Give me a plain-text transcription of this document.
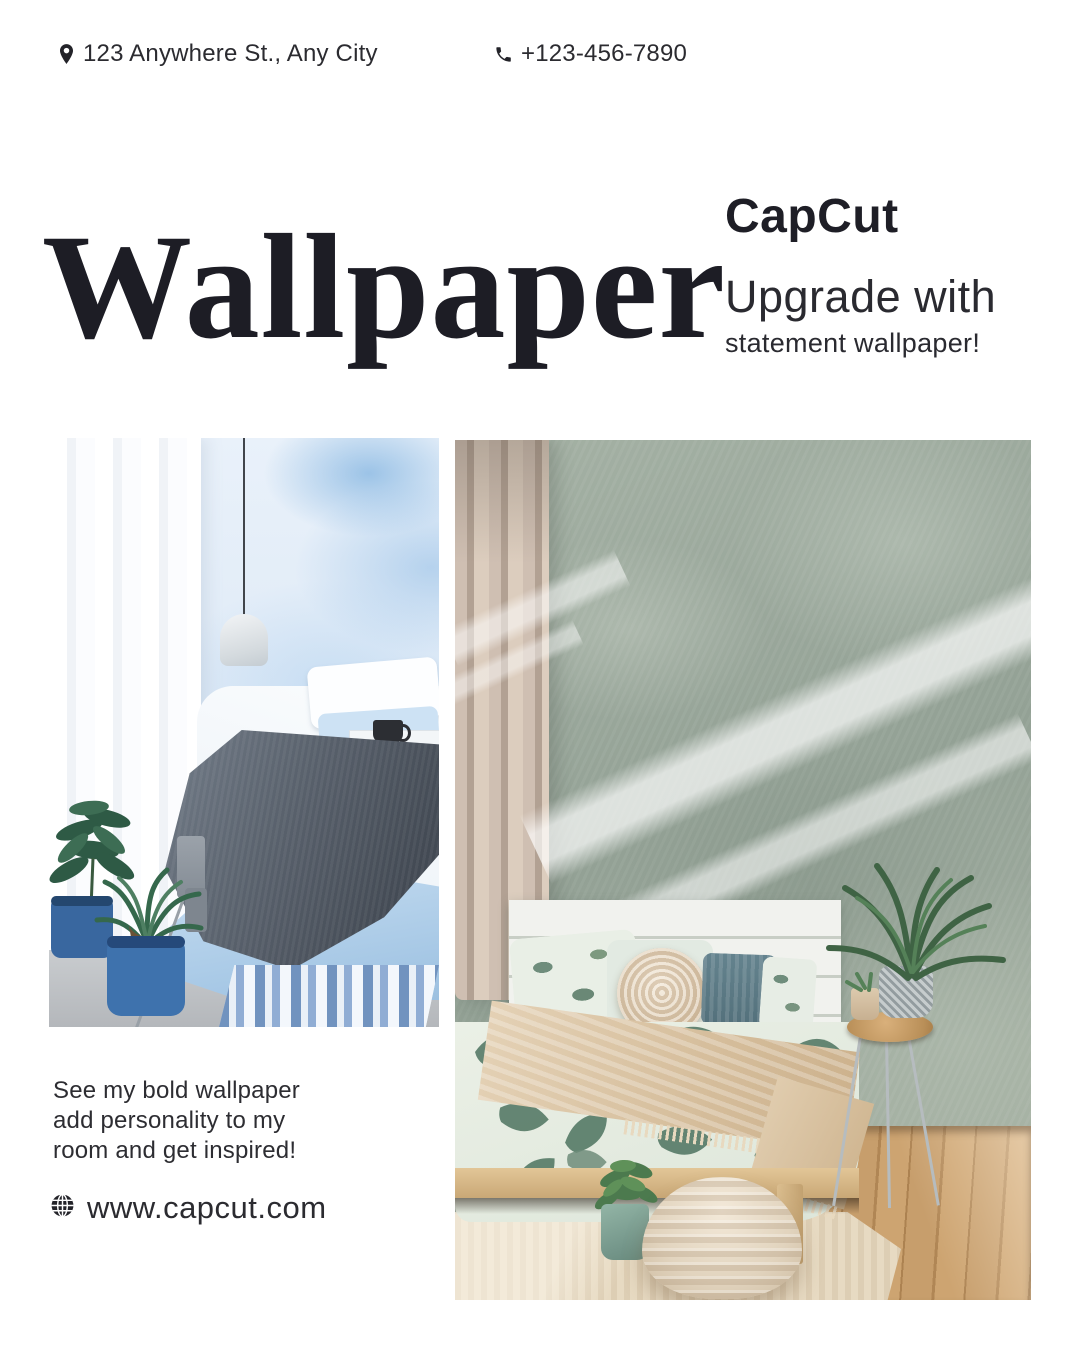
123 Anywhere St., Any City	+123-456-7890
Wallpaper
CapCut
Upgrade with
statement wallpaper!
See my bold wallpaper
add personality to my
room and get inspired!
www.capcut.com
